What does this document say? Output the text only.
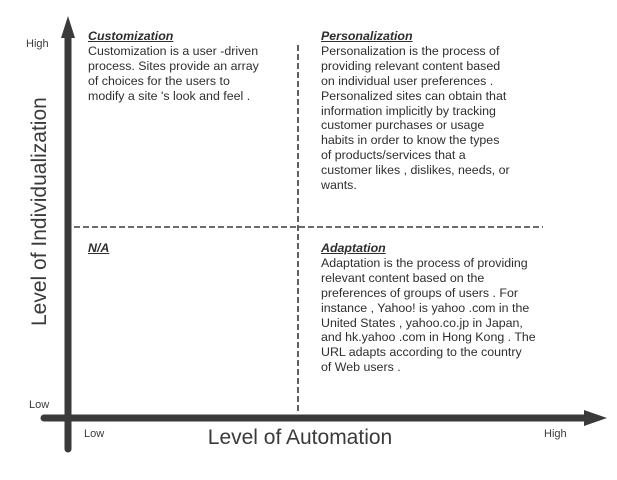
High
Low
Low	High
Level of Individualization
Level of Automation
Customization
Customization is a user -driven
process. Sites provide an array
of choices for the users to
modify a site 's look and feel .
Personalization
Personalization is the process of
providing relevant content based
on individual user preferences .
Personalized sites can obtain that
information implicitly by tracking
customer purchases or usage
habits in order to know the types
of products/services that a
customer likes , dislikes, needs, or
wants.
N/A	Adaptation
Adaptation is the process of providing
relevant content based on the
preferences of groups of users . For
instance , Yahoo! is yahoo .com in the
United States , yahoo.co.jp in Japan,
and hk.yahoo .com in Hong Kong . The
URL adapts according to the country
of Web users .
